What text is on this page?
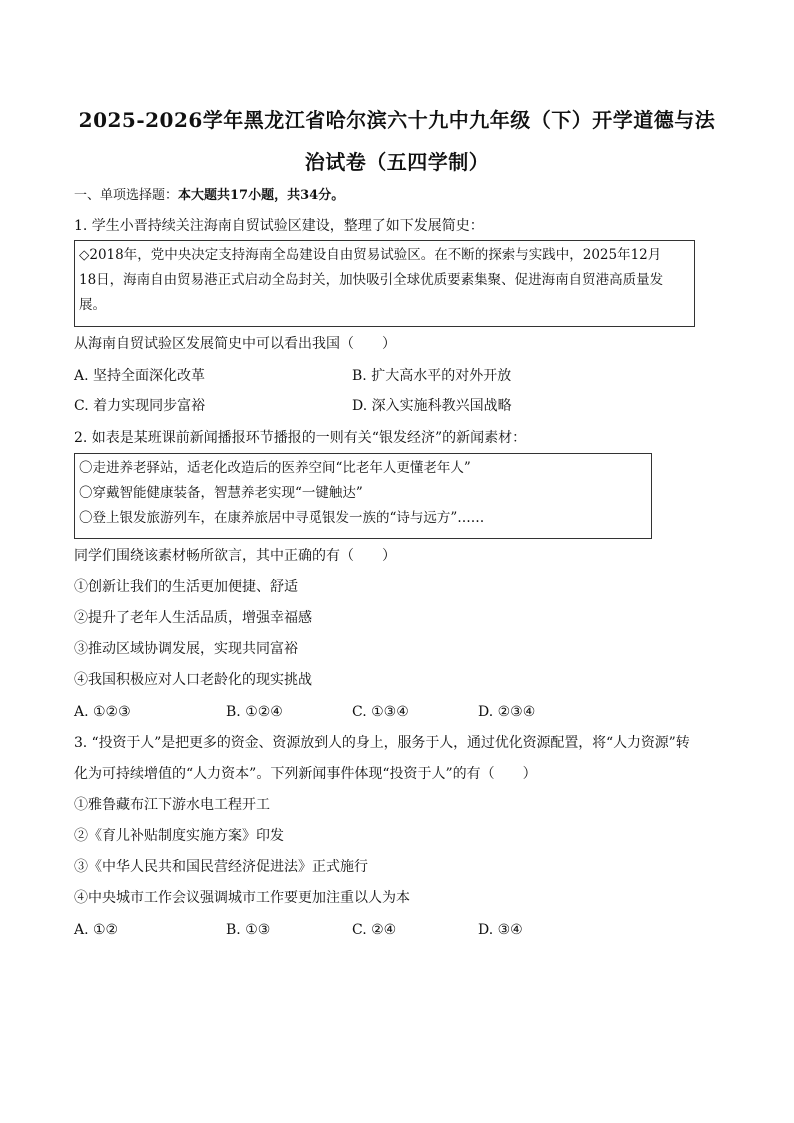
2025-2026学年黑龙江省哈尔滨六十九中九年级（下）开学道德与法
治试卷（五四学制）
一、单项选择题：本大题共17小题，共34分。
1. 学生小晋持续关注海南自贸试验区建设，整理了如下发展简史：

◇2018年，党中央决定支持海南全岛建设自由贸易试验区。在不断的探索与实践中，2025年12月

18日，海南自由贸易港正式启动全岛封关，加快吸引全球优质要素集聚、促进海南自贸港高质量发

展。

从海南自贸试验区发展简史中可以看出我国（　　）
A. 坚持全面深化改革	B. 扩大高水平的对外开放
C. 着力实现同步富裕	D. 深入实施科教兴国战略
2. 如表是某班课前新闻播报环节播报的一则有关“银发经济”的新闻素材：

〇走进养老驿站，适老化改造后的医养空间“比老年人更懂老年人”

〇穿戴智能健康装备，智慧养老实现“一键触达”

〇登上银发旅游列车，在康养旅居中寻觅银发一族的“诗与远方”……

同学们围绕该素材畅所欲言，其中正确的有（　　）
①创新让我们的生活更加便捷、舒适
②提升了老年人生活品质，增强幸福感
③推动区域协调发展，实现共同富裕
④我国积极应对人口老龄化的现实挑战
A. ①②③	B. ①②④	C. ①③④	D. ②③④
3. “投资于人”是把更多的资金、资源放到人的身上，服务于人，通过优化资源配置，将“人力资源”转
化为可持续增值的“人力资本”。下列新闻事件体现“投资于人”的有（　　）
①雅鲁藏布江下游水电工程开工
②《育儿补贴制度实施方案》印发
③《中华人民共和国民营经济促进法》正式施行
④中央城市工作会议强调城市工作要更加注重以人为本
A. ①②	B. ①③	C. ②④	D. ③④
